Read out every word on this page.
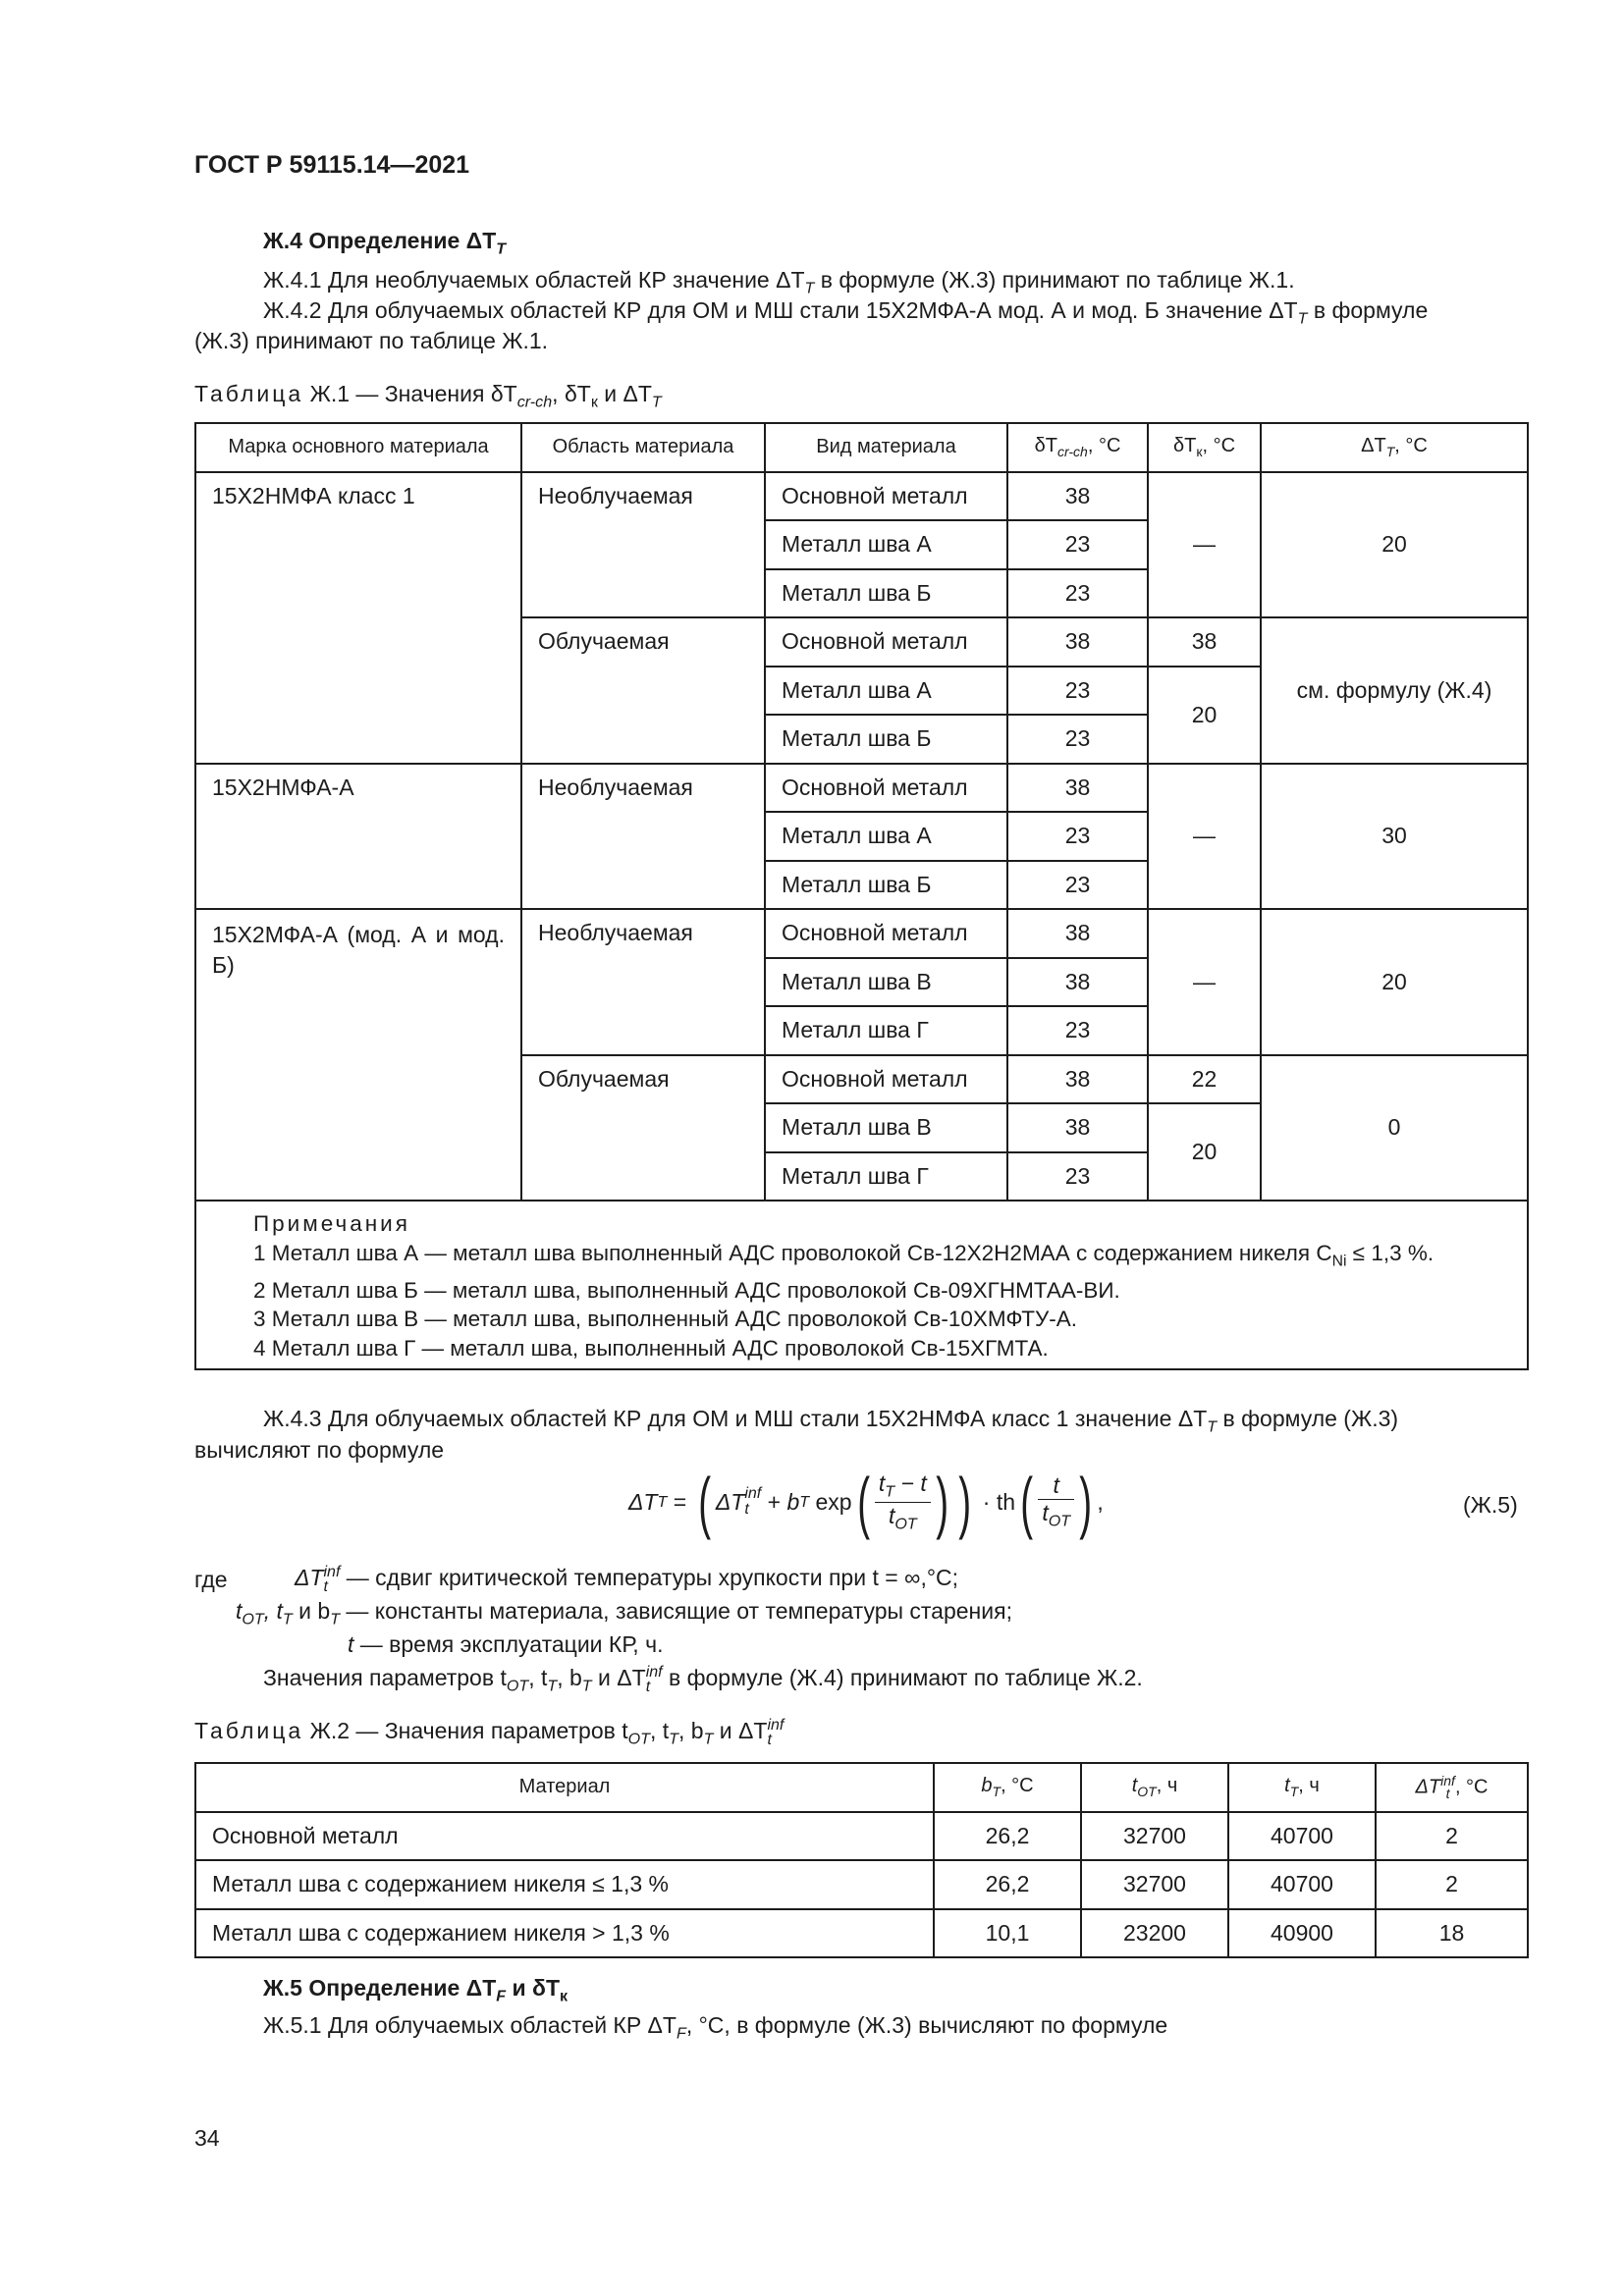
ГОСТ Р 59115.14—2021
Ж.4 Определение $\Delta T_T$
Ж.4.1 Для необлучаемых областей КР значение $\Delta T_T$ в формуле (Ж.3) принимают по таблице Ж.1.
Ж.4.2 Для облучаемых областей КР для ОМ и МШ стали 15Х2МФА-А мод. А и мод. Б значение $\Delta T_T$ в формуле
(Ж.3) принимают по таблице Ж.1.
Таблица Ж.1 — Значения $\delta T_{cr-ch}$, $\delta T_к$ и $\Delta T_T$
Марка основного материала	Область материала	Вид материала	$\delta T_{cr-ch}$, °C	$\delta T_к$, °C	$\Delta T_T$, °C
15Х2НМФА класс 1	Необлучаемая	Основной металл	38	—	20
		Металл шва А	23		
		Металл шва Б	23		
	Облучаемая	Основной металл	38	38	см. формулу (Ж.4)
		Металл шва А	23	20	
		Металл шва Б	23		
15Х2НМФА-А	Необлучаемая	Основной металл	38	—	30
		Металл шва А	23		
		Металл шва Б	23		
15Х2МФА-А (мод. А и мод. Б)	Необлучаемая	Основной металл	38	—	20
		Металл шва В	38		
		Металл шва Г	23		
	Облучаемая	Основной металл	38	22	0
		Металл шва В	38	20	
		Металл шва Г	23		

Примечания
1 Металл шва А — металл шва выполненный АДС проволокой Св-12Х2Н2МАА с содержанием никеля $C_{Ni} \le 1,3$ %.
2 Металл шва Б — металл шва, выполненный АДС проволокой Св-09ХГНМТАА-ВИ.
3 Металл шва В — металл шва, выполненный АДС проволокой Св-10ХМФТУ-А.
4 Металл шва Г — металл шва, выполненный АДС проволокой Св-15ХГМТА.					
Ж.4.3 Для облучаемых областей КР для ОМ и МШ стали 15Х2НМФА класс 1 значение $\Delta T_T$ в формуле (Ж.3)
вычисляют по формуле
ΔT T = ( ΔT inf
t + b T exp ( $\frac{t_T - t}{t_{OT}}$ ) ) · th ( $\frac{t}{t_{OT}}$ ) ,	(Ж.5)
где	ΔT inf
t — сдвиг критической температуры хрупкости при t = ∞,°C;
$t_{OT}$, $t_T$ и $b_T$ — константы материала, зависящие от температуры старения;
t — время эксплуатации КР, ч.
Значения параметров $t_{OT}$, $t_T$, $b_T$ и ΔT inf
t в формуле (Ж.4) принимают по таблице Ж.2.
Таблица Ж.2 — Значения параметров $t_{OT}$, $t_T$, $b_T$ и ΔT inf
t
Материал	$b_T$, °C	$t_{OT}$, ч	$t_T$, ч	ΔT inf
t , °C
Основной металл	26,2	32700	40700	2
Металл шва с содержанием никеля ≤ 1,3 %	26,2	32700	40700	2
Металл шва с содержанием никеля > 1,3 %	10,1	23200	40900	18
Ж.5 Определение $\Delta T_F$ и $\delta T_к$
Ж.5.1 Для облучаемых областей КР $\Delta T_F$, °C, в формуле (Ж.3) вычисляют по формуле
34
